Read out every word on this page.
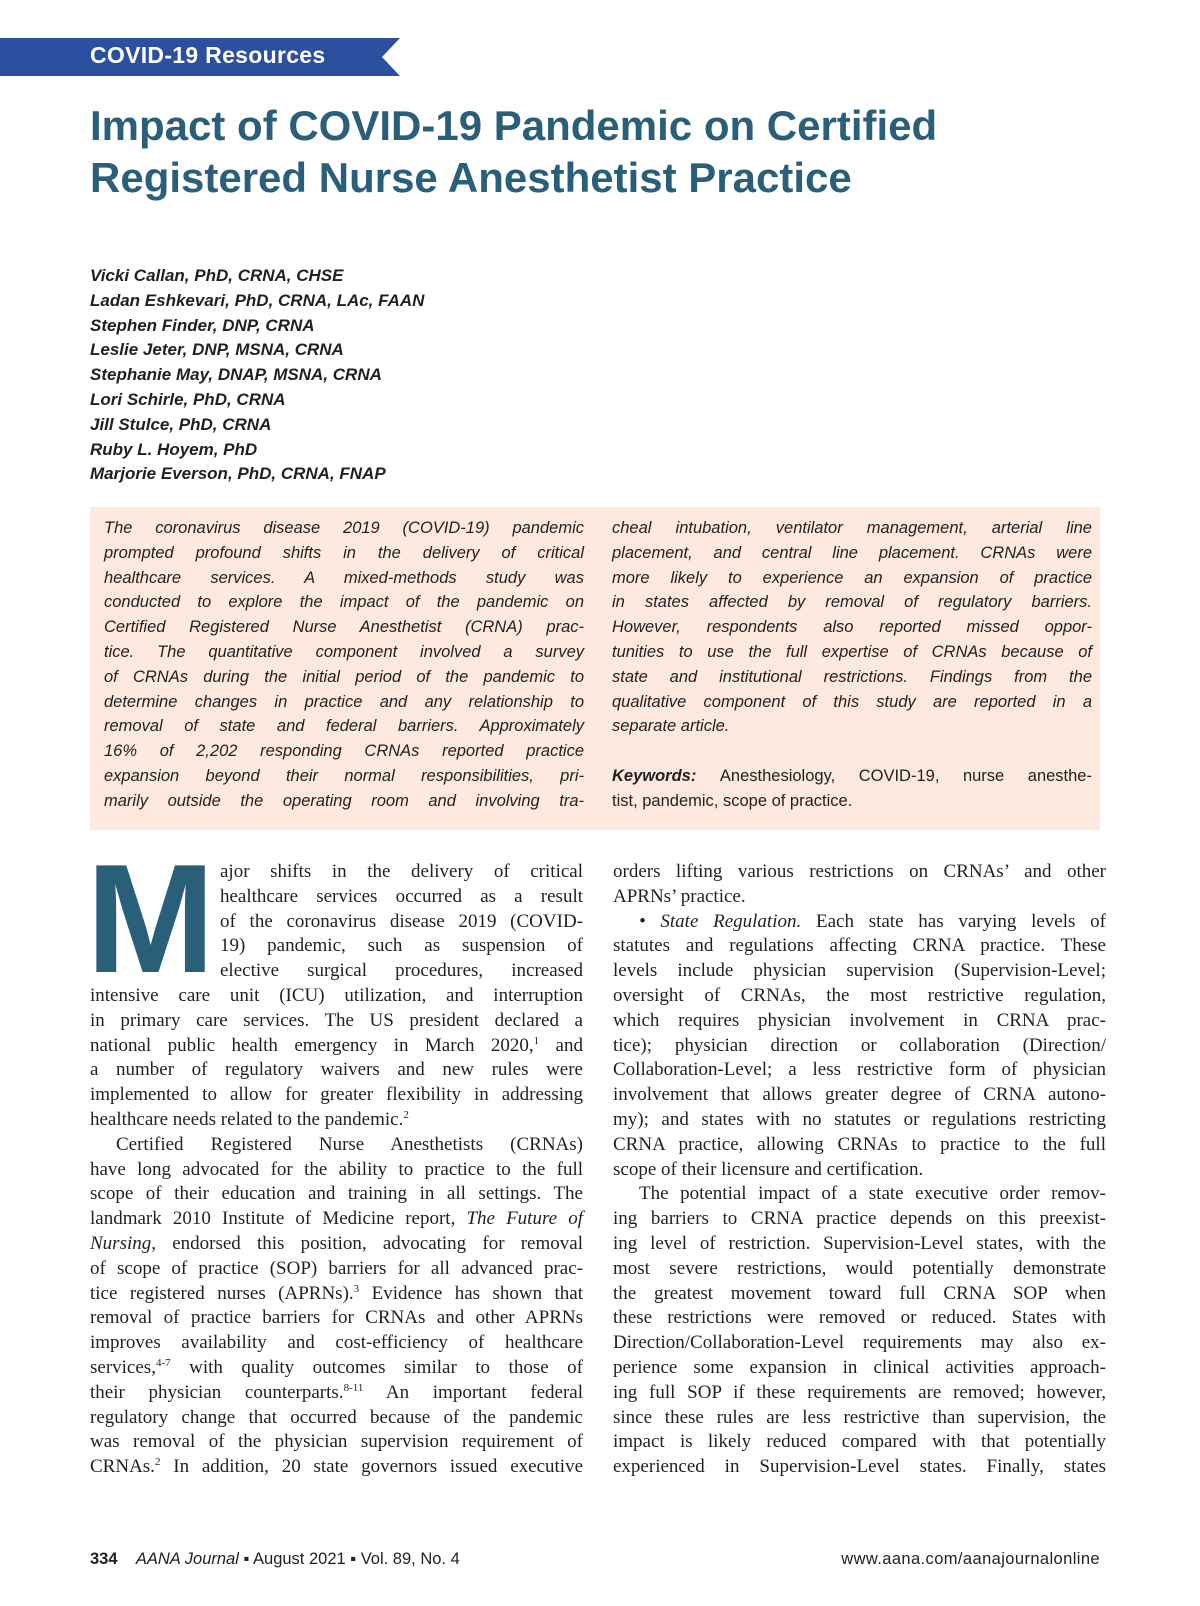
COVID-19 Resources
Impact of COVID-19 Pandemic on Certified
Registered Nurse Anesthetist Practice
Vicki Callan, PhD, CRNA, CHSE
Ladan Eshkevari, PhD, CRNA, LAc, FAAN
Stephen Finder, DNP, CRNA
Leslie Jeter, DNP, MSNA, CRNA
Stephanie May, DNAP, MSNA, CRNA
Lori Schirle, PhD, CRNA
Jill Stulce, PhD, CRNA
Ruby L. Hoyem, PhD
Marjorie Everson, PhD, CRNA, FNAP
The coronavirus disease 2019 (COVID-19) pandemic
prompted profound shifts in the delivery of critical
healthcare services. A mixed-methods study was
conducted to explore the impact of the pandemic on
Certified Registered Nurse Anesthetist (CRNA) prac-
tice. The quantitative component involved a survey
of CRNAs during the initial period of the pandemic to
determine changes in practice and any relationship to
removal of state and federal barriers. Approximately
16% of 2,202 responding CRNAs reported practice
expansion beyond their normal responsibilities, pri-
marily outside the operating room and involving tra-
cheal intubation, ventilator management, arterial line
placement, and central line placement. CRNAs were
more likely to experience an expansion of practice
in states affected by removal of regulatory barriers.
However, respondents also reported missed oppor-
tunities to use the full expertise of CRNAs because of
state and institutional restrictions. Findings from the
qualitative component of this study are reported in a
separate article.
Keywords: Anesthesiology, COVID-19, nurse anesthe-
tist, pandemic, scope of practice.
M ajor shifts in the delivery of critical
healthcare services occurred as a result
of the coronavirus disease 2019 (COVID-
19) pandemic, such as suspension of
elective surgical procedures, increased
intensive care unit (ICU) utilization, and interruption
in primary care services. The US president declared a
national public health emergency in March 2020,$^1$ and
a number of regulatory waivers and new rules were
implemented to allow for greater flexibility in addressing
healthcare needs related to the pandemic.$^2$
Certified Registered Nurse Anesthetists (CRNAs)
have long advocated for the ability to practice to the full
scope of their education and training in all settings. The
landmark 2010 Institute of Medicine report, The Future of
Nursing, endorsed this position, advocating for removal
of scope of practice (SOP) barriers for all advanced prac-
tice registered nurses (APRNs).$^3$ Evidence has shown that
removal of practice barriers for CRNAs and other APRNs
improves availability and cost-efficiency of healthcare
services,$^{4-7}$ with quality outcomes similar to those of
their physician counterparts.$^{8-11}$ An important federal
regulatory change that occurred because of the pandemic
was removal of the physician supervision requirement of
CRNAs.$^2$ In addition, 20 state governors issued executive
orders lifting various restrictions on CRNAs’ and other
APRNs’ practice.
• State Regulation. Each state has varying levels of
statutes and regulations affecting CRNA practice. These
levels include physician supervision (Supervision-Level;
oversight of CRNAs, the most restrictive regulation,
which requires physician involvement in CRNA prac-
tice); physician direction or collaboration (Direction/
Collaboration-Level; a less restrictive form of physician
involvement that allows greater degree of CRNA autono-
my); and states with no statutes or regulations restricting
CRNA practice, allowing CRNAs to practice to the full
scope of their licensure and certification.
The potential impact of a state executive order remov-
ing barriers to CRNA practice depends on this preexist-
ing level of restriction. Supervision-Level states, with the
most severe restrictions, would potentially demonstrate
the greatest movement toward full CRNA SOP when
these restrictions were removed or reduced. States with
Direction/Collaboration-Level requirements may also ex-
perience some expansion in clinical activities approach-
ing full SOP if these requirements are removed; however,
since these rules are less restrictive than supervision, the
impact is likely reduced compared with that potentially
experienced in Supervision-Level states. Finally, states
334 AANA Journal ▪ August 2021 ▪ Vol. 89, No. 4	www.aana.com/aanajournalonline
